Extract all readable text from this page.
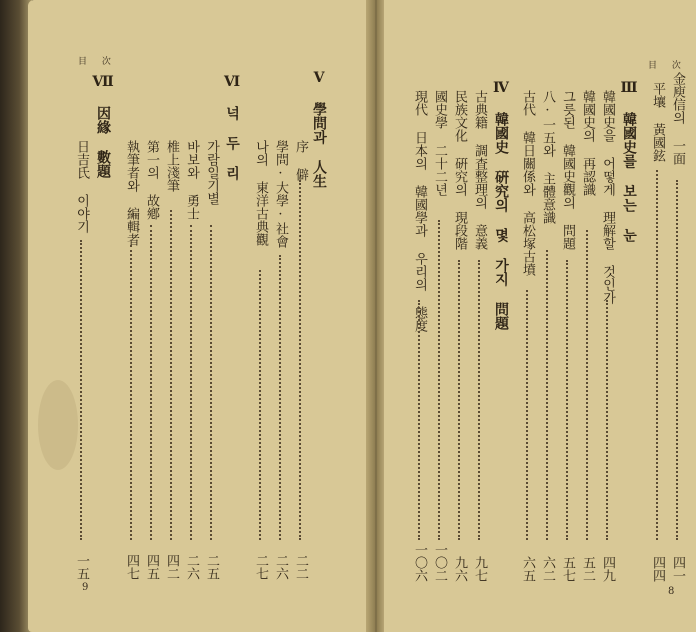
目 次
9
Ⅴ 學問과 人生
序 僻
二二
學問·大學·社會
二六
나의 東洋古典觀
二七
Ⅵ 넉 두 리
가람일기별
二五
바보와 勇士
二六
椎上淺筆
四二
第一의 故鄕
四五
執筆者와 編輯者
四七
Ⅶ 因緣 數題
日吉氏 이야기
一五
目 次
8
金庾信의 一面
四一
平壤 黃國鉉
四四
Ⅲ 韓國史를 보는 눈
韓國史을 어떻게 理解할 것인가
四九
韓國史의 再認識
五二
그릇된 韓國史觀의 問題
五七
八·一五와 主體意識
六二
古代 韓日關係와 高松塚古墳
六五
Ⅳ 韓國史 硏究의 몇 가지 問題
古典籍 調査整理의 意義
九七
民族文化 硏究의 現段階
九六
國史學 二十二년
一〇二
現代 日本의 韓國學과 우리의 態度
一〇六
